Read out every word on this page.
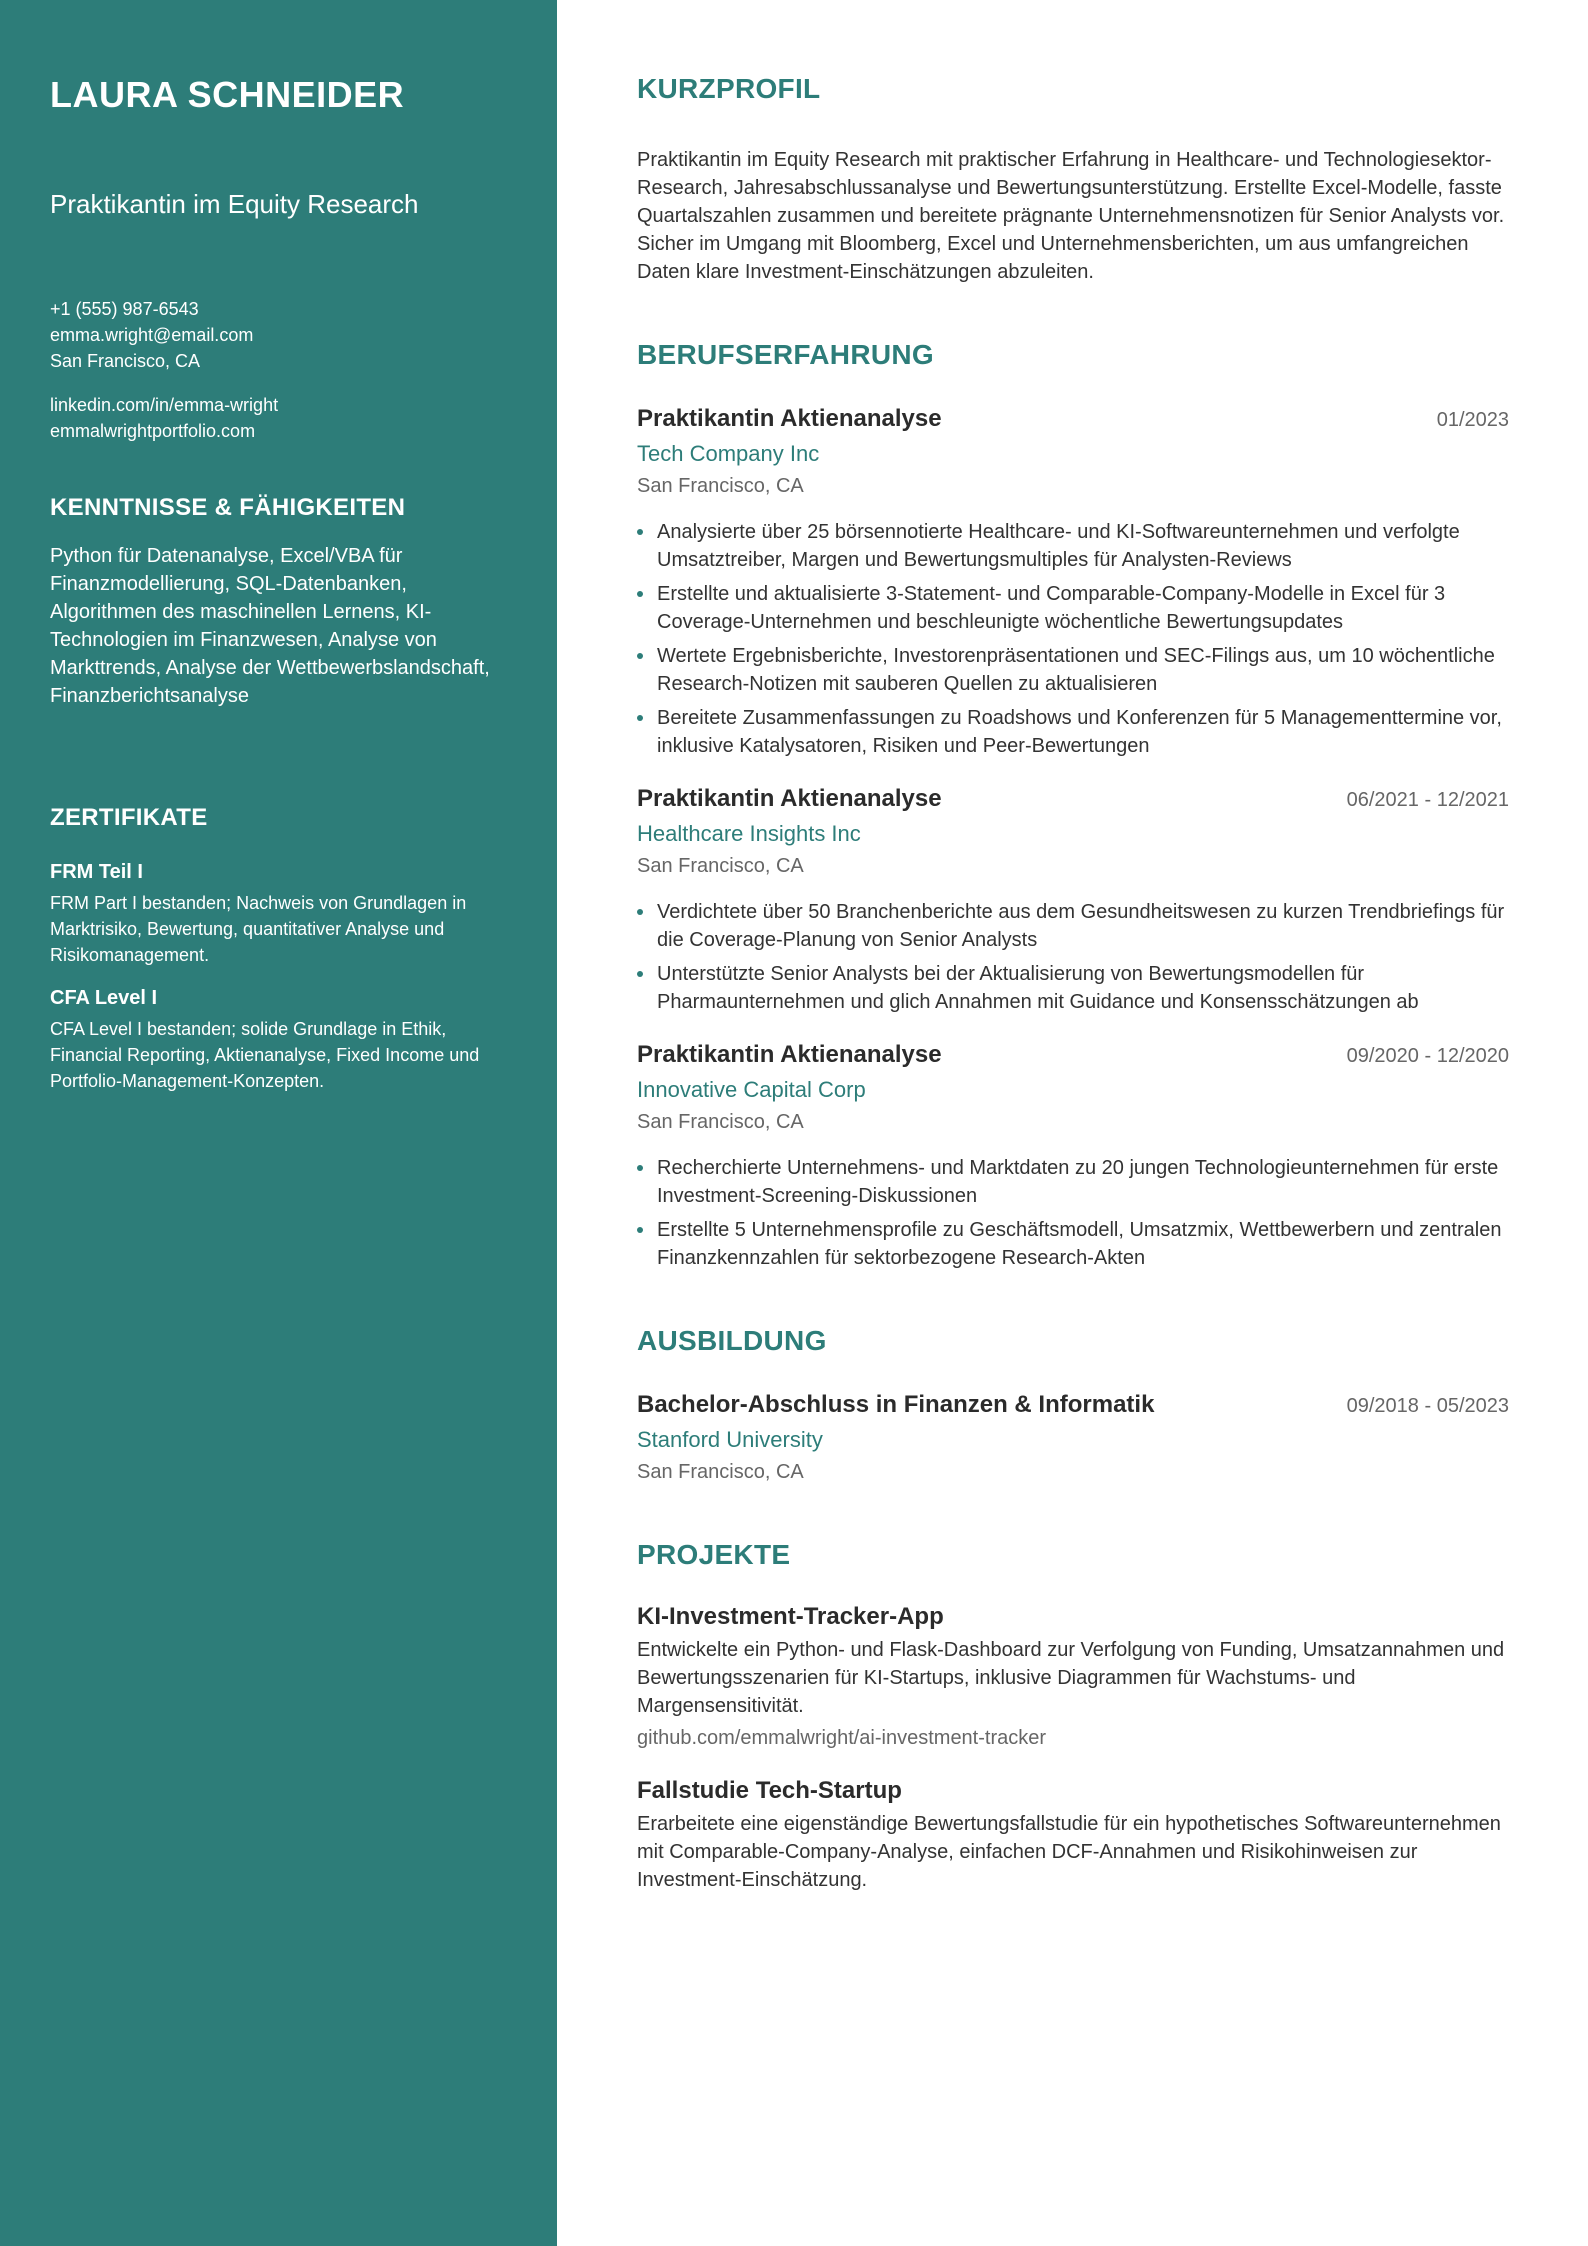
LAURA SCHNEIDER
Praktikantin im Equity Research
+1 (555) 987-6543
emma.wright@email.com
San Francisco, CA
linkedin.com/in/emma-wright
emmalwrightportfolio.com
KENNTNISSE & FÄHIGKEITEN
Python für Datenanalyse, Excel/VBA für Finanzmodellierung, SQL-Datenbanken, Algorithmen des maschinellen Lernens, KI-Technologien im Finanzwesen, Analyse von Markttrends, Analyse der Wettbewerbslandschaft, Finanzberichtsanalyse
ZERTIFIKATE
FRM Teil I
FRM Part I bestanden; Nachweis von Grundlagen in Marktrisiko, Bewertung, quantitativer Analyse und Risikomanagement.
CFA Level I
CFA Level I bestanden; solide Grundlage in Ethik, Financial Reporting, Aktienanalyse, Fixed Income und Portfolio-Management-Konzepten.
KURZPROFIL
Praktikantin im Equity Research mit praktischer Erfahrung in Healthcare- und Technologiesektor-Research, Jahresabschlussanalyse und Bewertungsunterstützung. Erstellte Excel-Modelle, fasste Quartalszahlen zusammen und bereitete prägnante Unternehmensnotizen für Senior Analysts vor. Sicher im Umgang mit Bloomberg, Excel und Unternehmensberichten, um aus umfangreichen Daten klare Investment-Einschätzungen abzuleiten.
BERUFSERFAHRUNG
Praktikantin Aktienanalyse	01/2023
Tech Company Inc
San Francisco, CA
Analysierte über 25 börsennotierte Healthcare- und KI-Softwareunternehmen und verfolgte Umsatztreiber, Margen und Bewertungsmultiples für Analysten-Reviews
Erstellte und aktualisierte 3-Statement- und Comparable-Company-Modelle in Excel für 3 Coverage-Unternehmen und beschleunigte wöchentliche Bewertungsupdates
Wertete Ergebnisberichte, Investorenpräsentationen und SEC-Filings aus, um 10 wöchentliche Research-Notizen mit sauberen Quellen zu aktualisieren
Bereitete Zusammenfassungen zu Roadshows und Konferenzen für 5 Managementtermine vor, inklusive Katalysatoren, Risiken und Peer-Bewertungen
Praktikantin Aktienanalyse	06/2021 - 12/2021
Healthcare Insights Inc
San Francisco, CA
Verdichtete über 50 Branchenberichte aus dem Gesundheitswesen zu kurzen Trendbriefings für die Coverage-Planung von Senior Analysts
Unterstützte Senior Analysts bei der Aktualisierung von Bewertungsmodellen für Pharmaunternehmen und glich Annahmen mit Guidance und Konsensschätzungen ab
Praktikantin Aktienanalyse	09/2020 - 12/2020
Innovative Capital Corp
San Francisco, CA
Recherchierte Unternehmens- und Marktdaten zu 20 jungen Technologieunternehmen für erste Investment-Screening-Diskussionen
Erstellte 5 Unternehmensprofile zu Geschäftsmodell, Umsatzmix, Wettbewerbern und zentralen Finanzkennzahlen für sektorbezogene Research-Akten
AUSBILDUNG
Bachelor-Abschluss in Finanzen & Informatik	09/2018 - 05/2023
Stanford University
San Francisco, CA
PROJEKTE
KI-Investment-Tracker-App
Entwickelte ein Python- und Flask-Dashboard zur Verfolgung von Funding, Umsatzannahmen und Bewertungsszenarien für KI-Startups, inklusive Diagrammen für Wachstums- und Margensensitivität.
github.com/emmalwright/ai-investment-tracker
Fallstudie Tech-Startup
Erarbeitete eine eigenständige Bewertungsfallstudie für ein hypothetisches Softwareunternehmen mit Comparable-Company-Analyse, einfachen DCF-Annahmen und Risikohinweisen zur Investment-Einschätzung.
